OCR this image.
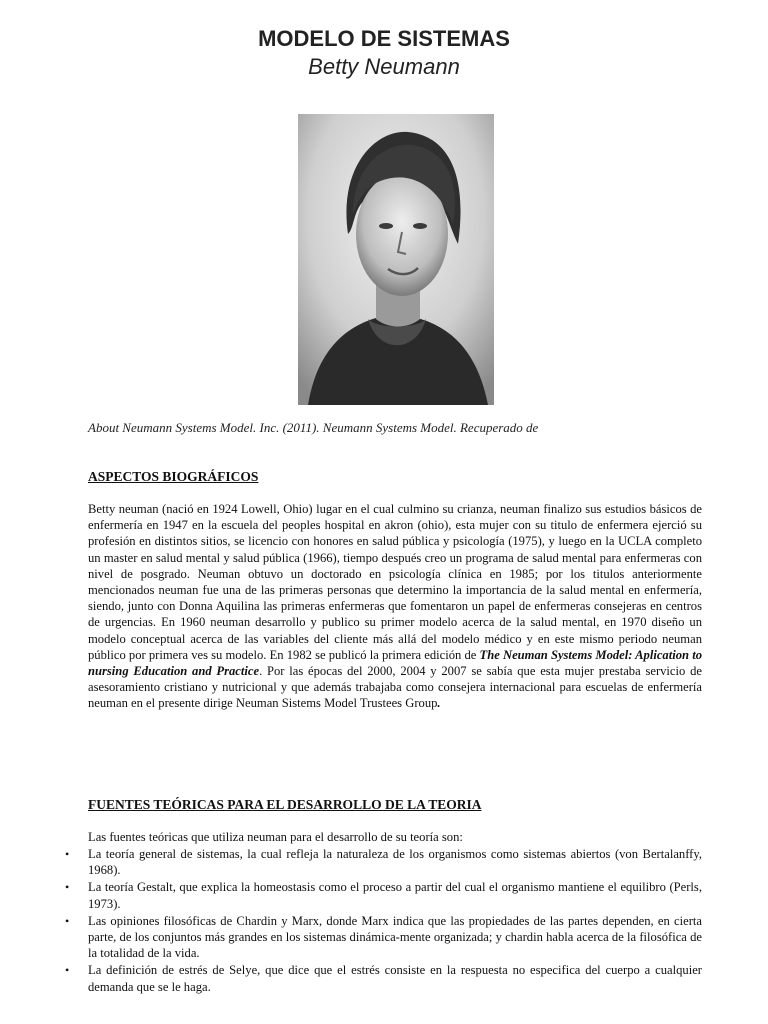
MODELO DE SISTEMAS
Betty Neumann
About Neumann Systems Model. Inc. (2011). Neumann Systems Model. Recuperado de
ASPECTOS BIOGRÁFICOS

Betty neuman (nació en 1924 Lowell, Ohio) lugar en el cual culmino su crianza, neuman finalizo sus estudios básicos de enfermería en 1947 en la escuela del peoples hospital en akron (ohio), esta mujer con su titulo de enfermera ejerció su profesión en distintos sitios, se licencio con honores en salud pública y psicología (1975), y luego en la UCLA completo un master en salud mental y salud pública (1966), tiempo después creo un programa de salud mental para enfermeras con nivel de posgrado. Neuman obtuvo un doctorado en psicología clínica en 1985; por los titulos anteriormente mencionados neuman fue una de las primeras personas que determino la importancia de la salud mental en enfermería, siendo, junto con Donna Aquilina las primeras enfermeras que fomentaron un papel de enfermeras consejeras en centros de urgencias. En 1960 neuman desarrollo y publico su primer modelo acerca de la salud mental, en 1970 diseño un modelo conceptual acerca de las variables del cliente más allá del modelo médico y en este mismo periodo neuman público por primera ves su modelo. En 1982 se publicó la primera edición de The Neuman Systems Model: Aplication to nursing Education and Practice. Por las épocas del 2000, 2004 y 2007 se sabía que esta mujer prestaba servicio de asesoramiento cristiano y nutricional y que además trabajaba como consejera internacional para escuelas de enfermería neuman en el presente dirige Neuman Sistems Model Trustees Group.

FUENTES TEÓRICAS PARA EL DESARROLLO DE LA TEORIA
Las fuentes teóricas que utiliza neuman para el desarrollo de su teoría son:
• La teoría general de sistemas, la cual refleja la naturaleza de los organismos como sistemas abiertos (von Bertalanffy, 1968).
• La teoría Gestalt, que explica la homeostasis como el proceso a partir del cual el organismo mantiene el equilibro (Perls, 1973).
• Las opiniones filosóficas de Chardin y Marx, donde Marx indica que las propiedades de las partes dependen, en cierta parte, de los conjuntos más grandes en los sistemas dinámica-mente organizada; y chardin habla acerca de la filosófica de la totalidad de la vida.
• La definición de estrés de Selye, que dice que el estrés consiste en la respuesta no especifica del cuerpo a cualquier demanda que se le haga.
